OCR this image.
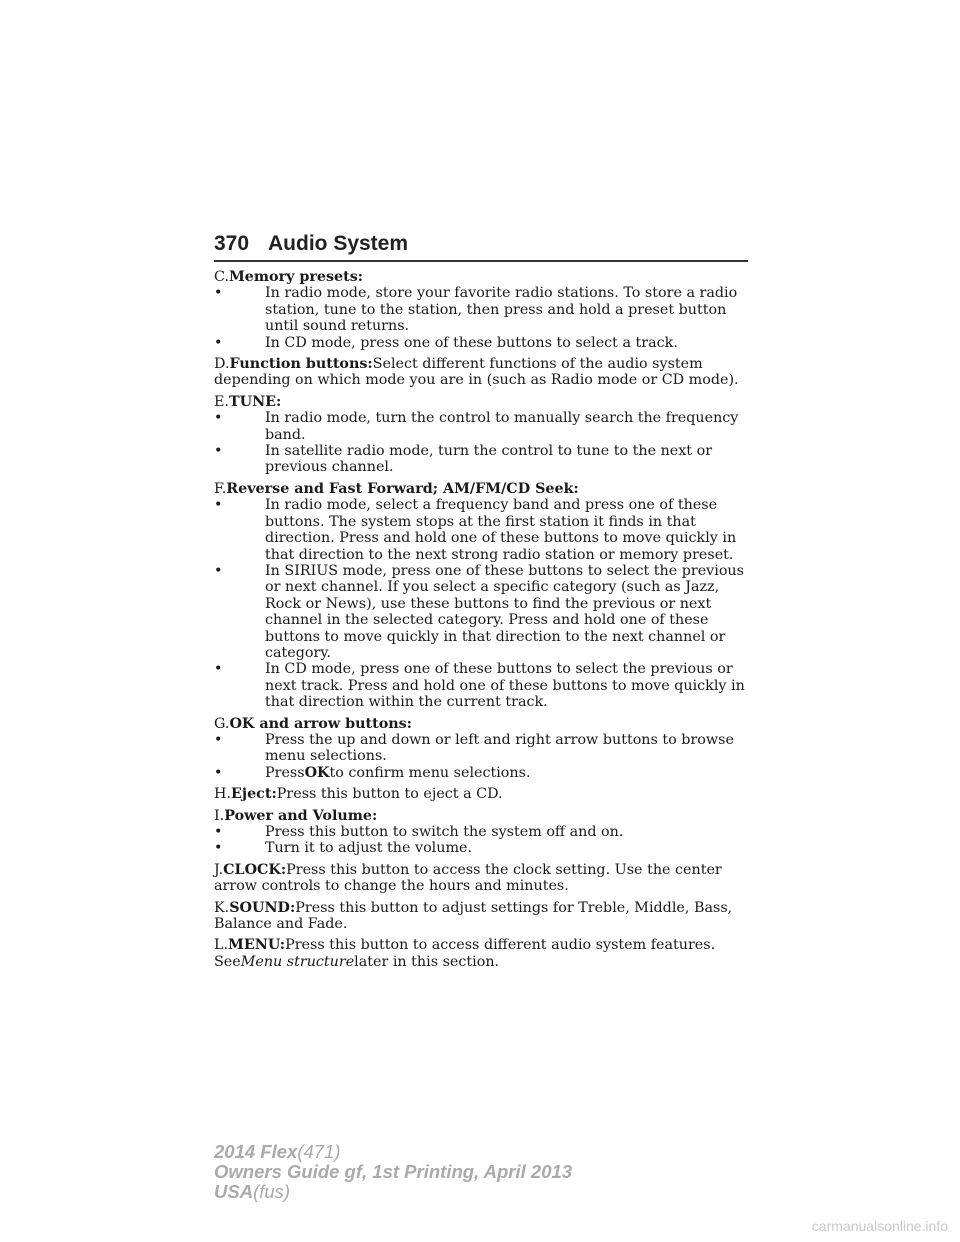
370 Audio System
C.Memory presets:
• In radio mode, store your favorite radio stations. To store a radio station, tune to the station, then press and hold a preset button until sound returns.
• In CD mode, press one of these buttons to select a track.
D.Function buttons:Select different functions of the audio system depending on which mode you are in (such as Radio mode or CD mode).
E.TUNE:
• In radio mode, turn the control to manually search the frequency band.
• In satellite radio mode, turn the control to tune to the next or previous channel.
F.Reverse and Fast Forward; AM/FM/CD Seek:
• In radio mode, select a frequency band and press one of these buttons. The system stops at the first station it finds in that direction. Press and hold one of these buttons to move quickly in that direction to the next strong radio station or memory preset.
• In SIRIUS mode, press one of these buttons to select the previous or next channel. If you select a specific category (such as Jazz, Rock or News), use these buttons to find the previous or next channel in the selected category. Press and hold one of these buttons to move quickly in that direction to the next channel or category.
• In CD mode, press one of these buttons to select the previous or next track. Press and hold one of these buttons to move quickly in that direction within the current track.
G.OK and arrow buttons:
• Press the up and down or left and right arrow buttons to browse menu selections.
• PressOKto confirm menu selections.
H.Eject:Press this button to eject a CD.
I.Power and Volume:
• Press this button to switch the system off and on.
• Turn it to adjust the volume.
J.CLOCK:Press this button to access the clock setting. Use the center arrow controls to change the hours and minutes.
K.SOUND:Press this button to adjust settings for Treble, Middle, Bass, Balance and Fade.
L.MENU:Press this button to access different audio system features.
SeeMenu structurelater in this section.
2014 Flex(471)
Owners Guide gf, 1st Printing, April 2013
USA(fus)
carmanualsonline.info
